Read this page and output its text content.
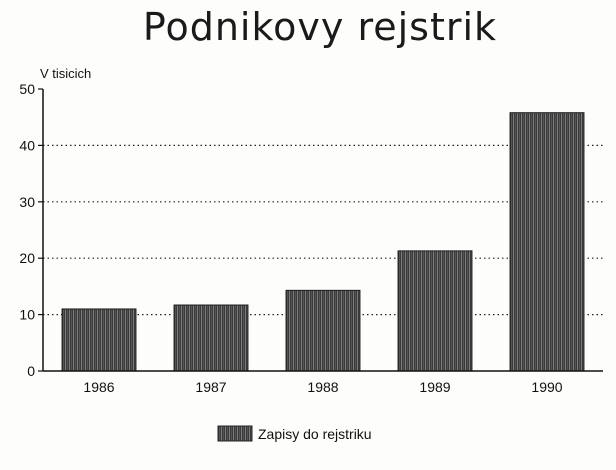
Podnikovy rejstrik
V tisicich
0
10
20
30
40
50
1986	1987	1988	1989	1990
Zapisy do rejstriku
